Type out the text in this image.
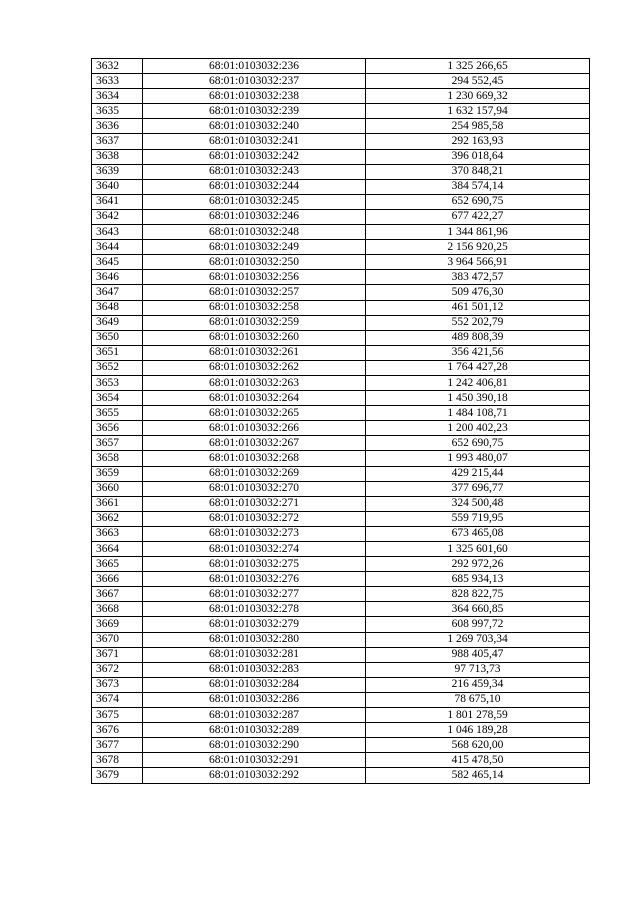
3632	68:01:0103032:236	1 325 266,65
3633	68:01:0103032:237	294 552,45
3634	68:01:0103032:238	1 230 669,32
3635	68:01:0103032:239	1 632 157,94
3636	68:01:0103032:240	254 985,58
3637	68:01:0103032:241	292 163,93
3638	68:01:0103032:242	396 018,64
3639	68:01:0103032:243	370 848,21
3640	68:01:0103032:244	384 574,14
3641	68:01:0103032:245	652 690,75
3642	68:01:0103032:246	677 422,27
3643	68:01:0103032:248	1 344 861,96
3644	68:01:0103032:249	2 156 920,25
3645	68:01:0103032:250	3 964 566,91
3646	68:01:0103032:256	383 472,57
3647	68:01:0103032:257	509 476,30
3648	68:01:0103032:258	461 501,12
3649	68:01:0103032:259	552 202,79
3650	68:01:0103032:260	489 808,39
3651	68:01:0103032:261	356 421,56
3652	68:01:0103032:262	1 764 427,28
3653	68:01:0103032:263	1 242 406,81
3654	68:01:0103032:264	1 450 390,18
3655	68:01:0103032:265	1 484 108,71
3656	68:01:0103032:266	1 200 402,23
3657	68:01:0103032:267	652 690,75
3658	68:01:0103032:268	1 993 480,07
3659	68:01:0103032:269	429 215,44
3660	68:01:0103032:270	377 696,77
3661	68:01:0103032:271	324 500,48
3662	68:01:0103032:272	559 719,95
3663	68:01:0103032:273	673 465,08
3664	68:01:0103032:274	1 325 601,60
3665	68:01:0103032:275	292 972,26
3666	68:01:0103032:276	685 934,13
3667	68:01:0103032:277	828 822,75
3668	68:01:0103032:278	364 660,85
3669	68:01:0103032:279	608 997,72
3670	68:01:0103032:280	1 269 703,34
3671	68:01:0103032:281	988 405,47
3672	68:01:0103032:283	97 713,73
3673	68:01:0103032:284	216 459,34
3674	68:01:0103032:286	78 675,10
3675	68:01:0103032:287	1 801 278,59
3676	68:01:0103032:289	1 046 189,28
3677	68:01:0103032:290	568 620,00
3678	68:01:0103032:291	415 478,50
3679	68:01:0103032:292	582 465,14
